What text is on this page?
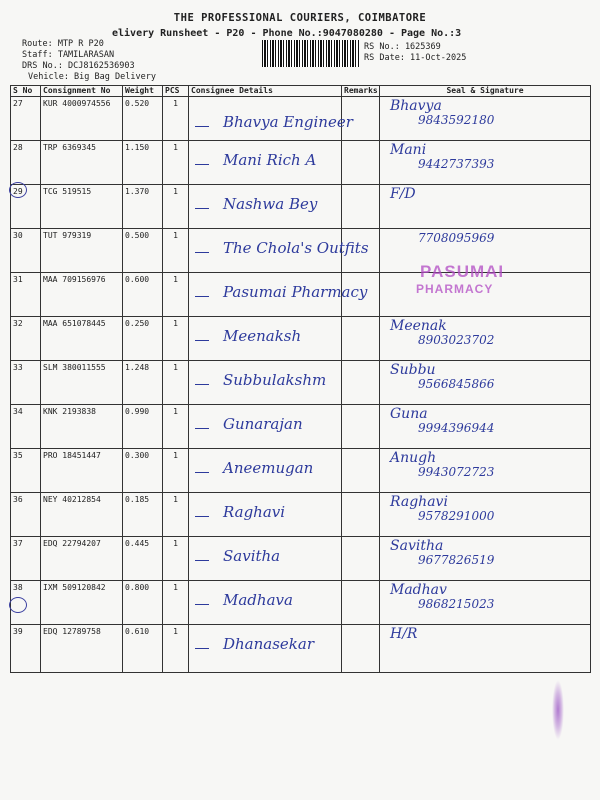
THE PROFESSIONAL COURIERS, COIMBATORE
elivery Runsheet - P20 - Phone No.:9047080280 - Page No.:3
Route: MTP R P20
Staff: TAMILARASAN
DRS No.: DCJ8162536903
Vehicle: Big Bag Delivery
RS No.: 1625369
RS Date: 11-Oct-2025
S No	Consignment No	Weight	PCS	Consignee Details	Remarks	Seal & Signature
27	KUR 4000974556	0.520	1	Bhavya Engineer		Bhavya
9843592180

28	TRP 6369345	1.150	1	Mani Rich A		Mani
9442737393

29	TCG 519515	1.370	1	Nashwa Bey		F/D

30	TUT 979319	0.500	1	The Chola's Outfits		7708095969

31	MAA 709156976	0.600	1	Pasumai Pharmacy		

32	MAA 651078445	0.250	1	Meenaksh		Meenak
8903023702

33	SLM 380011555	1.248	1	Subbulakshm		Subbu
9566845866

34	KNK 2193838	0.990	1	Gunarajan		Guna
9994396944

35	PRO 18451447	0.300	1	Aneemugan		Anugh
9943072723

36	NEY 40212854	0.185	1	Raghavi		Raghavi
9578291000

37	EDQ 22794207	0.445	1	Savitha		Savitha
9677826519

38	IXM 509120842	0.800	1	Madhava		Madhav
9868215023

39	EDQ 12789758	0.610	1	Dhanasekar		H/R
PASUMAI
PHARMACY
